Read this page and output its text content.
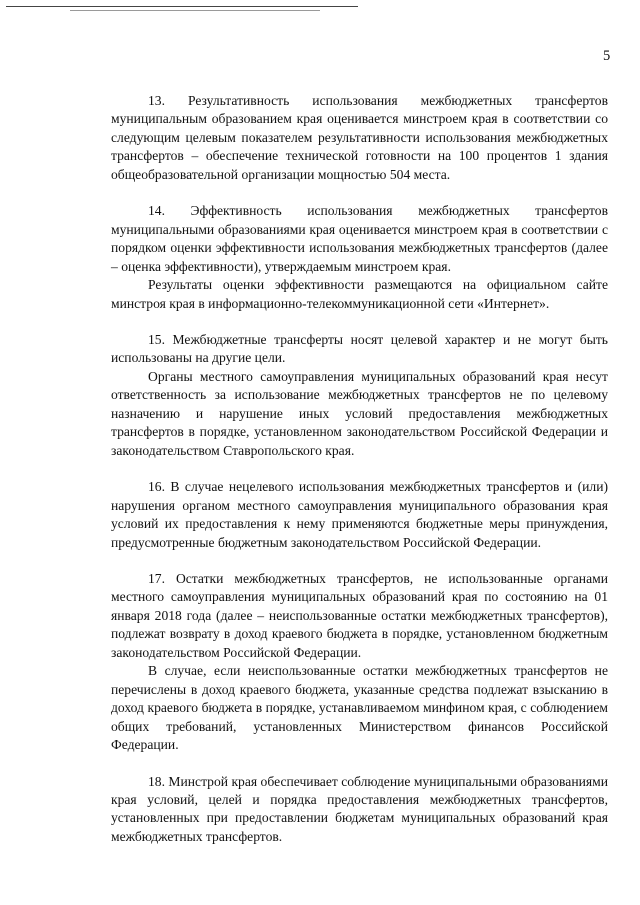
5

13. Результативность использования межбюджетных трансфертов муниципальным образованием края оценивается минстроем края в соответствии со следующим целевым показателем результативности использования межбюджетных трансфертов – обеспечение технической готовности на 100 процентов 1 здания общеобразовательной организации мощностью 504 места.

14. Эффективность использования межбюджетных трансфертов муниципальными образованиями края оценивается минстроем края в соответствии с порядком оценки эффективности использования межбюджетных трансфертов (далее – оценка эффективности), утверждаемым минстроем края.

Результаты оценки эффективности размещаются на официальном сайте минстроя края в информационно-телекоммуникационной сети «Интернет».

15. Межбюджетные трансферты носят целевой характер и не могут быть использованы на другие цели.

Органы местного самоуправления муниципальных образований края несут ответственность за использование межбюджетных трансфертов не по целевому назначению и нарушение иных условий предоставления межбюджетных трансфертов в порядке, установленном законодательством Российской Федерации и законодательством Ставропольского края.

16. В случае нецелевого использования межбюджетных трансфертов и (или) нарушения органом местного самоуправления муниципального образования края условий их предоставления к нему применяются бюджетные меры принуждения, предусмотренные бюджетным законодательством Российской Федерации.

17. Остатки межбюджетных трансфертов, не использованные органами местного самоуправления муниципальных образований края по состоянию на 01 января 2018 года (далее – неиспользованные остатки межбюджетных трансфертов), подлежат возврату в доход краевого бюджета в порядке, установленном бюджетным законодательством Российской Федерации.

В случае, если неиспользованные остатки межбюджетных трансфертов не перечислены в доход краевого бюджета, указанные средства подлежат взысканию в доход краевого бюджета в порядке, устанавливаемом минфином края, с соблюдением общих требований, установленных Министерством финансов Российской Федерации.

18. Минстрой края обеспечивает соблюдение муниципальными образованиями края условий, целей и порядка предоставления межбюджетных трансфертов, установленных при предоставлении бюджетам муниципальных образований края межбюджетных трансфертов.
